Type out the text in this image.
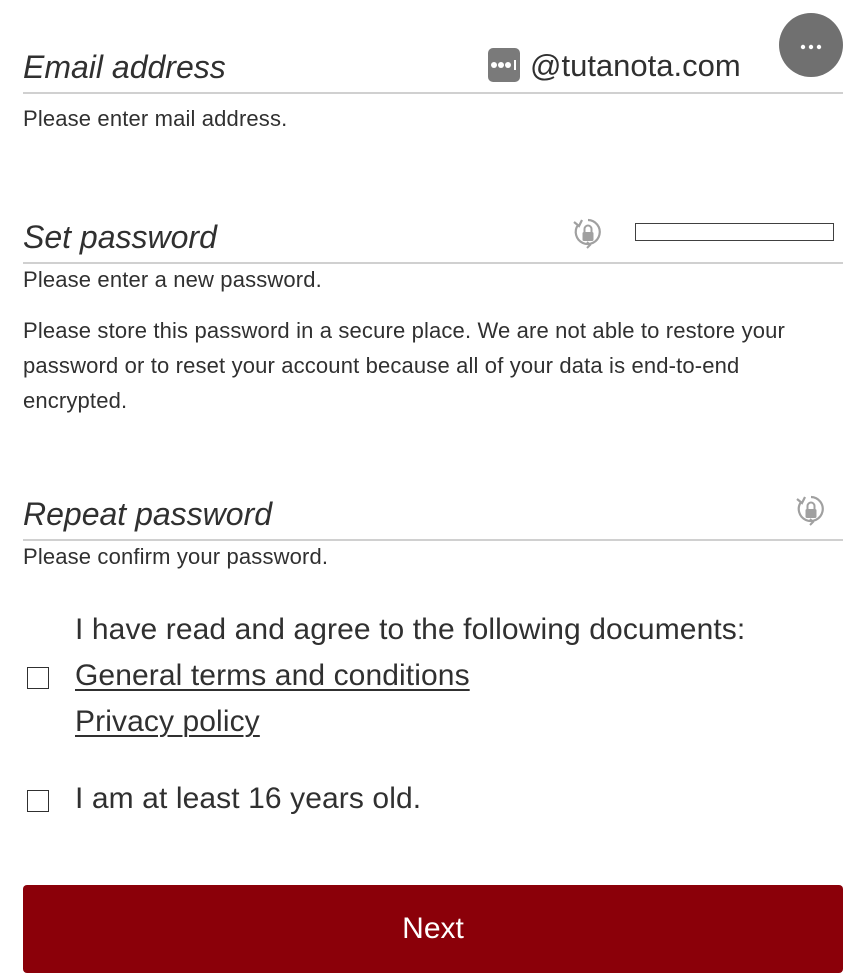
Email address	@tutanota.com
Please enter mail address.
Set password
Please enter a new password.
Please store this password in a secure place. We are not able to restore your password or to reset your account because all of your data is end-to-end encrypted.
Repeat password
Please confirm your password.
I have read and agree to the following documents:
General terms and conditions
Privacy policy
I am at least 16 years old.
Next
